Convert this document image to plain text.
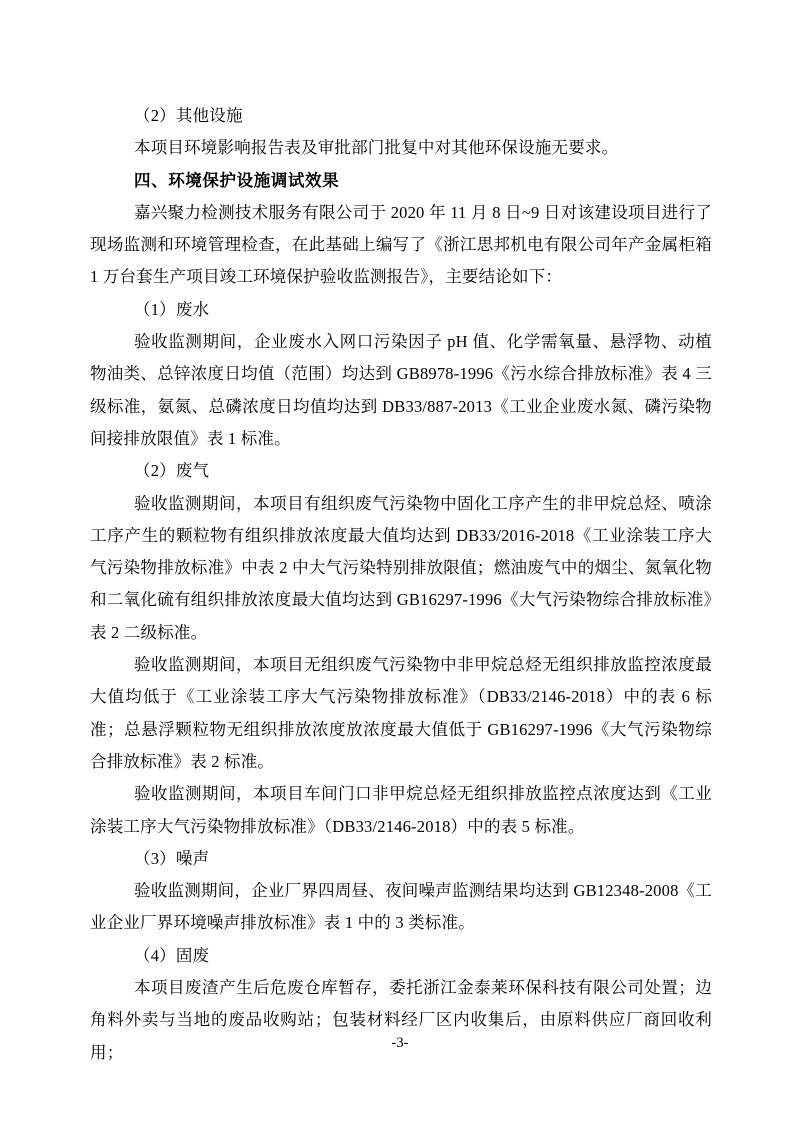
（2）其他设施

本项目环境影响报告表及审批部门批复中对其他环保设施无要求。

四、环境保护设施调试效果

嘉兴聚力检测技术服务有限公司于 2020 年 11 月 8 日~9 日对该建设项目进行了现场监测和环境管理检查，在此基础上编写了《浙江思邦机电有限公司年产金属柜箱 1 万台套生产项目竣工环境保护验收监测报告》，主要结论如下：

（1）废水

验收监测期间，企业废水入网口污染因子 pH 值、化学需氧量、悬浮物、动植物油类、总锌浓度日均值（范围）均达到 GB8978-1996《污水综合排放标准》表 4 三级标准，氨氮、总磷浓度日均值均达到 DB33/887-2013《工业企业废水氮、磷污染物间接排放限值》表 1 标准。

（2）废气

验收监测期间，本项目有组织废气污染物中固化工序产生的非甲烷总烃、喷涂工序产生的颗粒物有组织排放浓度最大值均达到 DB33/2016-2018《工业涂装工序大气污染物排放标准》中表 2 中大气污染特别排放限值；燃油废气中的烟尘、氮氧化物和二氧化硫有组织排放浓度最大值均达到 GB16297-1996《大气污染物综合排放标准》表 2 二级标准。

验收监测期间，本项目无组织废气污染物中非甲烷总烃无组织排放监控浓度最大值均低于《工业涂装工序大气污染物排放标准》（DB33/2146-2018）中的表 6 标准；总悬浮颗粒物无组织排放浓度放浓度最大值低于 GB16297-1996《大气污染物综合排放标准》表 2 标准。

验收监测期间，本项目车间门口非甲烷总烃无组织排放监控点浓度达到《工业涂装工序大气污染物排放标准》（DB33/2146-2018）中的表 5 标准。

（3）噪声

验收监测期间，企业厂界四周昼、夜间噪声监测结果均达到 GB12348-2008《工业企业厂界环境噪声排放标准》表 1 中的 3 类标准。

（4）固废

本项目废渣产生后危废仓库暂存，委托浙江金泰莱环保科技有限公司处置；边角料外卖与当地的废品收购站；包装材料经厂区内收集后，由原料供应厂商回收利用；	-3-
